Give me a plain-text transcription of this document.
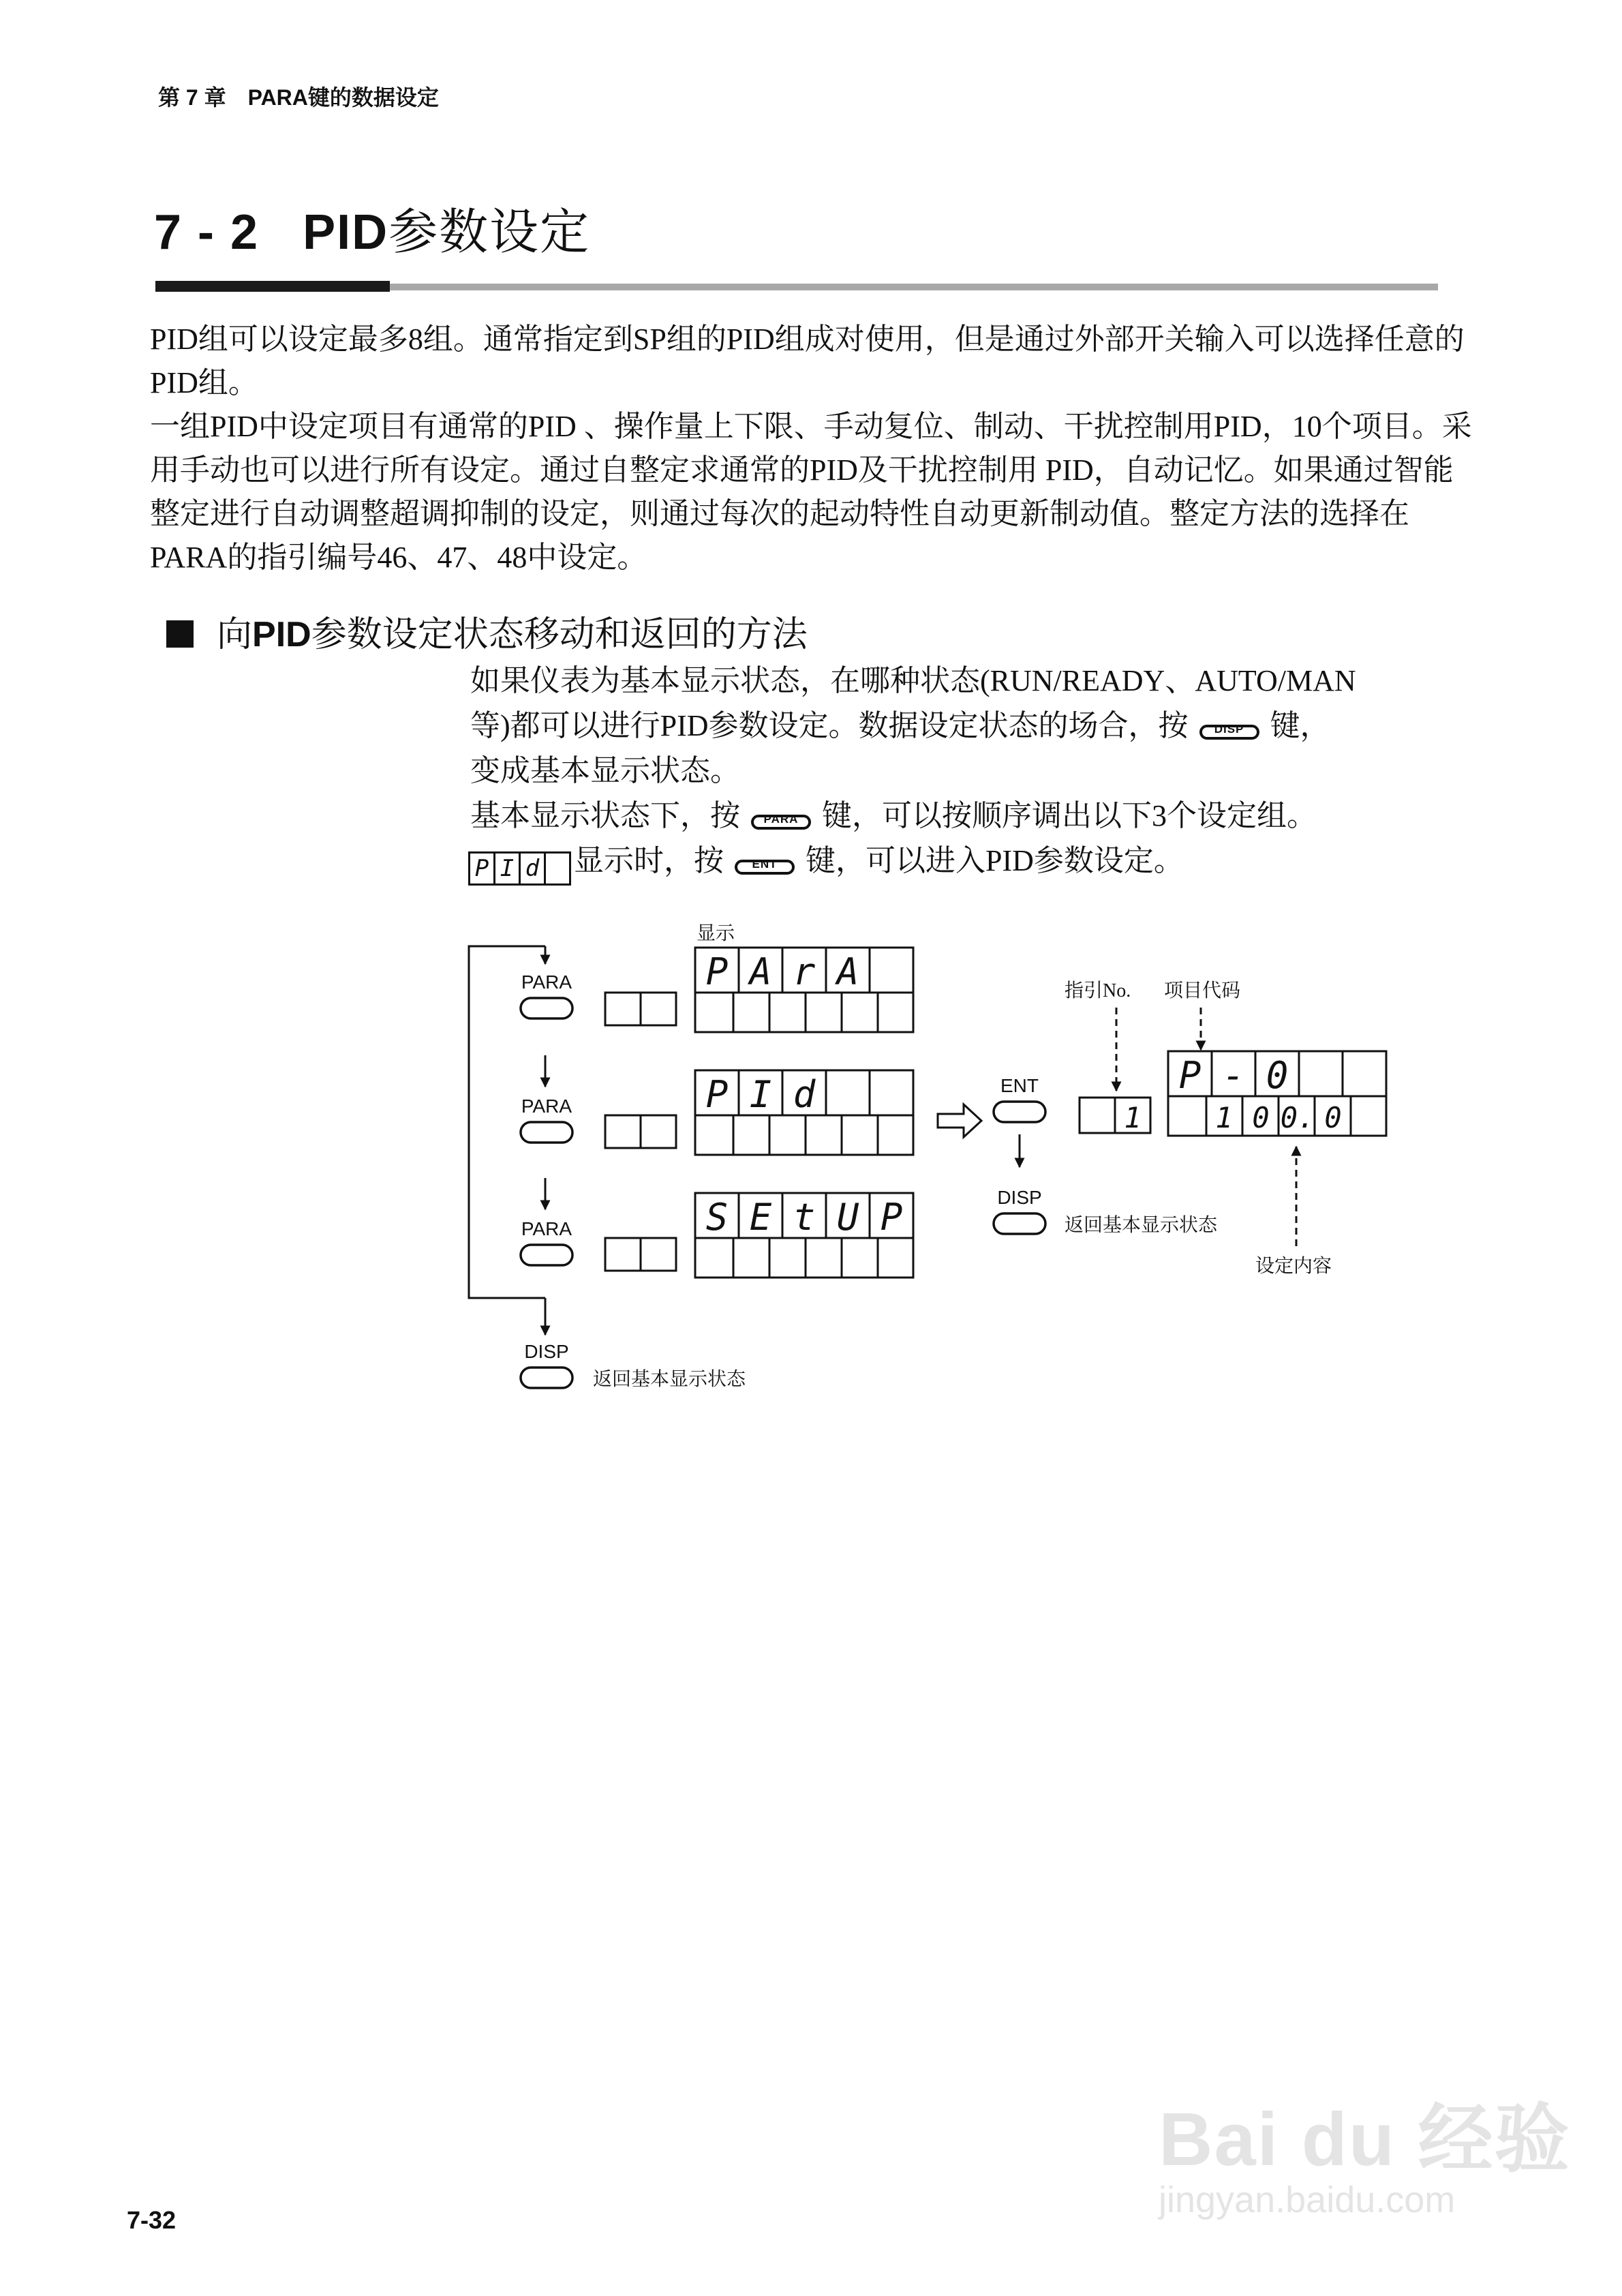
第 7 章 PARA键的数据设定
7 - 2 PID参数设定

PID组可以设定最多8组。通常指定到SP组的PID组成对使用，但是通过外部开关输入可以选择任意的PID组。

一组PID中设定项目有通常的PID 、操作量上下限、手动复位、制动、干扰控制用PID，10个项目。采用手动也可以进行所有设定。通过自整定求通常的PID及干扰控制用 PID，自动记忆。如果通过智能整定进行自动调整超调抑制的设定，则通过每次的起动特性自动更新制动值。整定方法的选择在PARA的指引编号46、47、48中设定。

向PID参数设定状态移动和返回的方法

如果仪表为基本显示状态，在哪种状态(RUN/READY、AUTO/MAN

等)都可以进行PID参数设定。数据设定状态的场合，按	DISP 键，

变成基本显示状态。

基本显示状态下，按	PARA 键，可以按顺序调出以下3个设定组。

P I d 显示时，按	ENT 键，可以进入PID参数设定。

显示
PARA
PARA
PARA
DISP
返回基本显示状态
P A r A
P I d
S E t U P
ENT
DISP
返回基本显示状态
指引No. 项目代码
1
P - 0
1 0 0. 0
设定内容
Bai du 经验
jingyan.baidu.com
7-32
